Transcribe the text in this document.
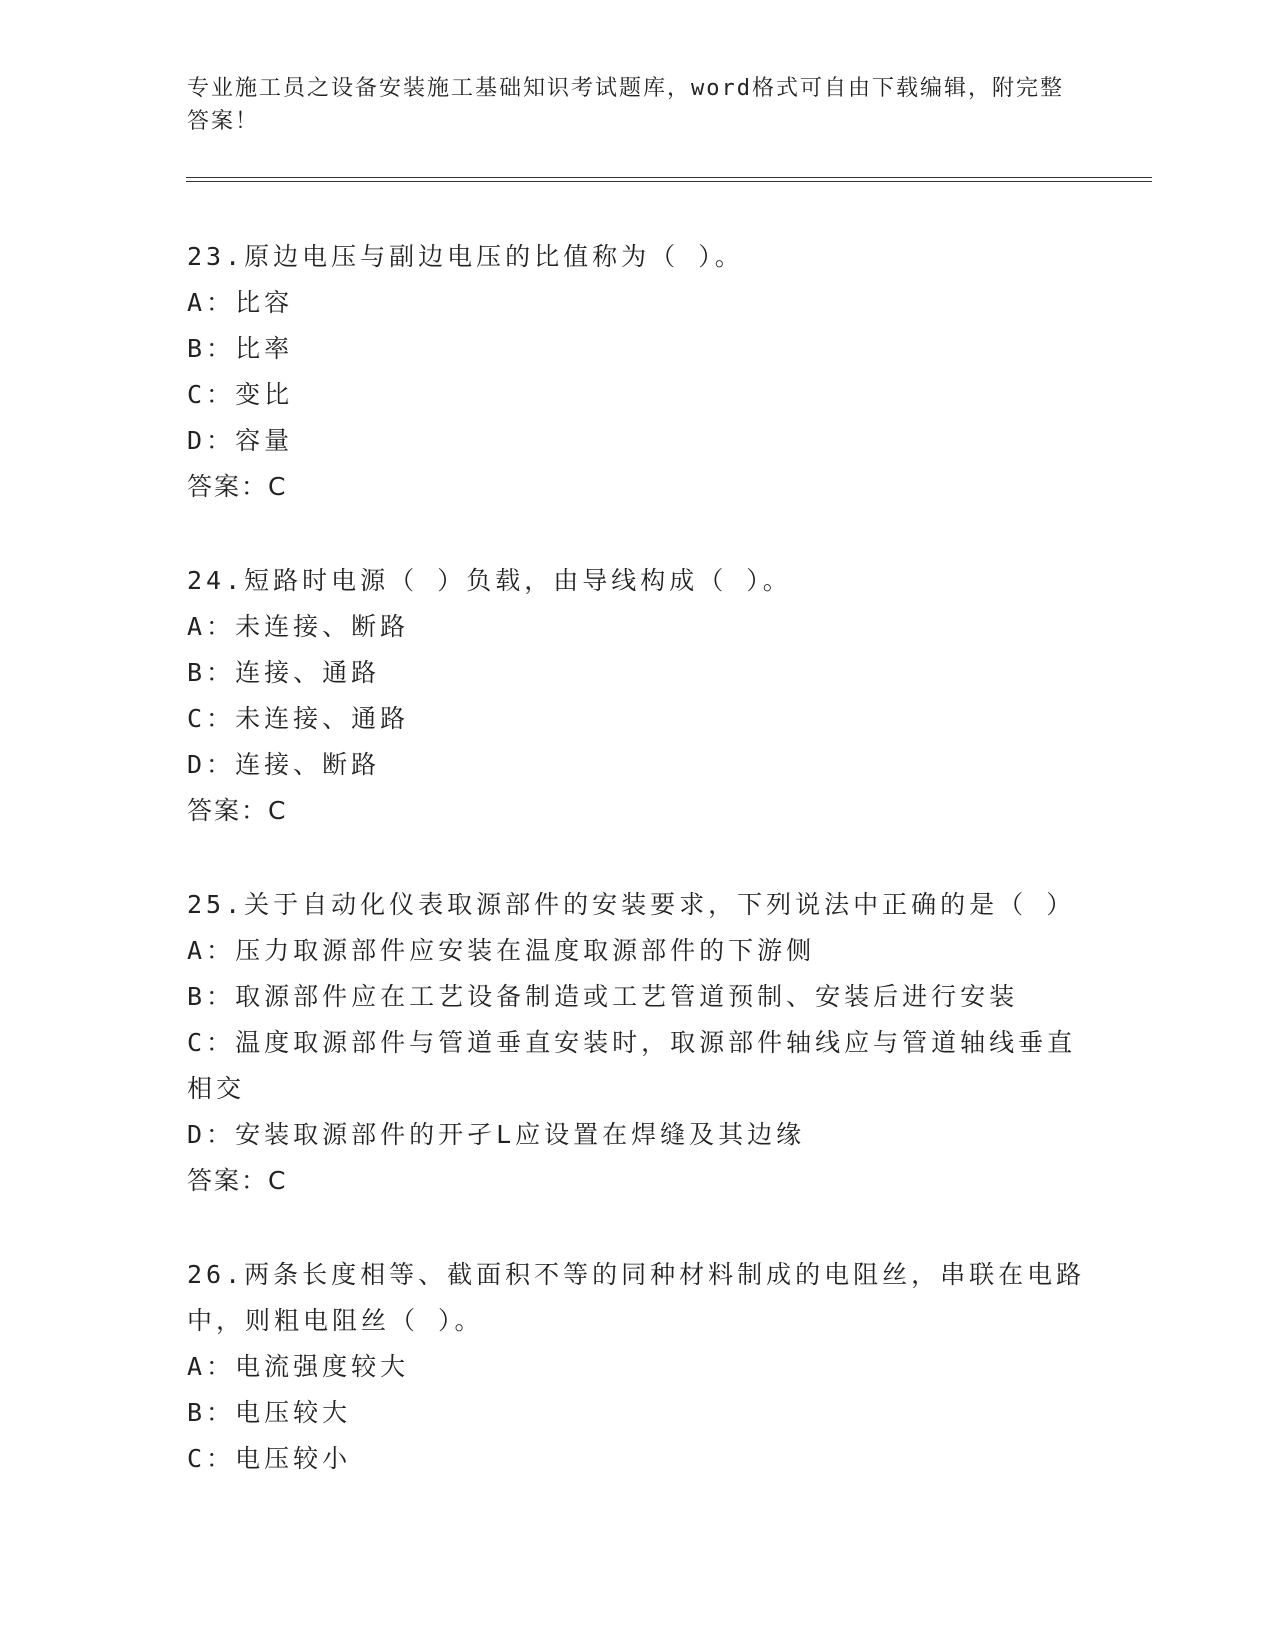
专业施工员之设备安装施工基础知识考试题库，word格式可自由下载编辑，附完整答案！
23.原边电压与副边电压的比值称为（ ）。
A：比容
B：比率
C：变比
D：容量
答案：C
24.短路时电源（ ）负载，由导线构成（ ）。
A：未连接、断路
B：连接、通路
C：未连接、通路
D：连接、断路
答案：C
25.关于自动化仪表取源部件的安装要求，下列说法中正确的是（ ）
A：压力取源部件应安装在温度取源部件的下游侧
B：取源部件应在工艺设备制造或工艺管道预制、安装后进行安装
C：温度取源部件与管道垂直安装时，取源部件轴线应与管道轴线垂直相交
D：安装取源部件的开孑L应设置在焊缝及其边缘
答案：C
26.两条长度相等、截面积不等的同种材料制成的电阻丝，串联在电路中，则粗电阻丝（ ）。
A：电流强度较大
B：电压较大
C：电压较小
